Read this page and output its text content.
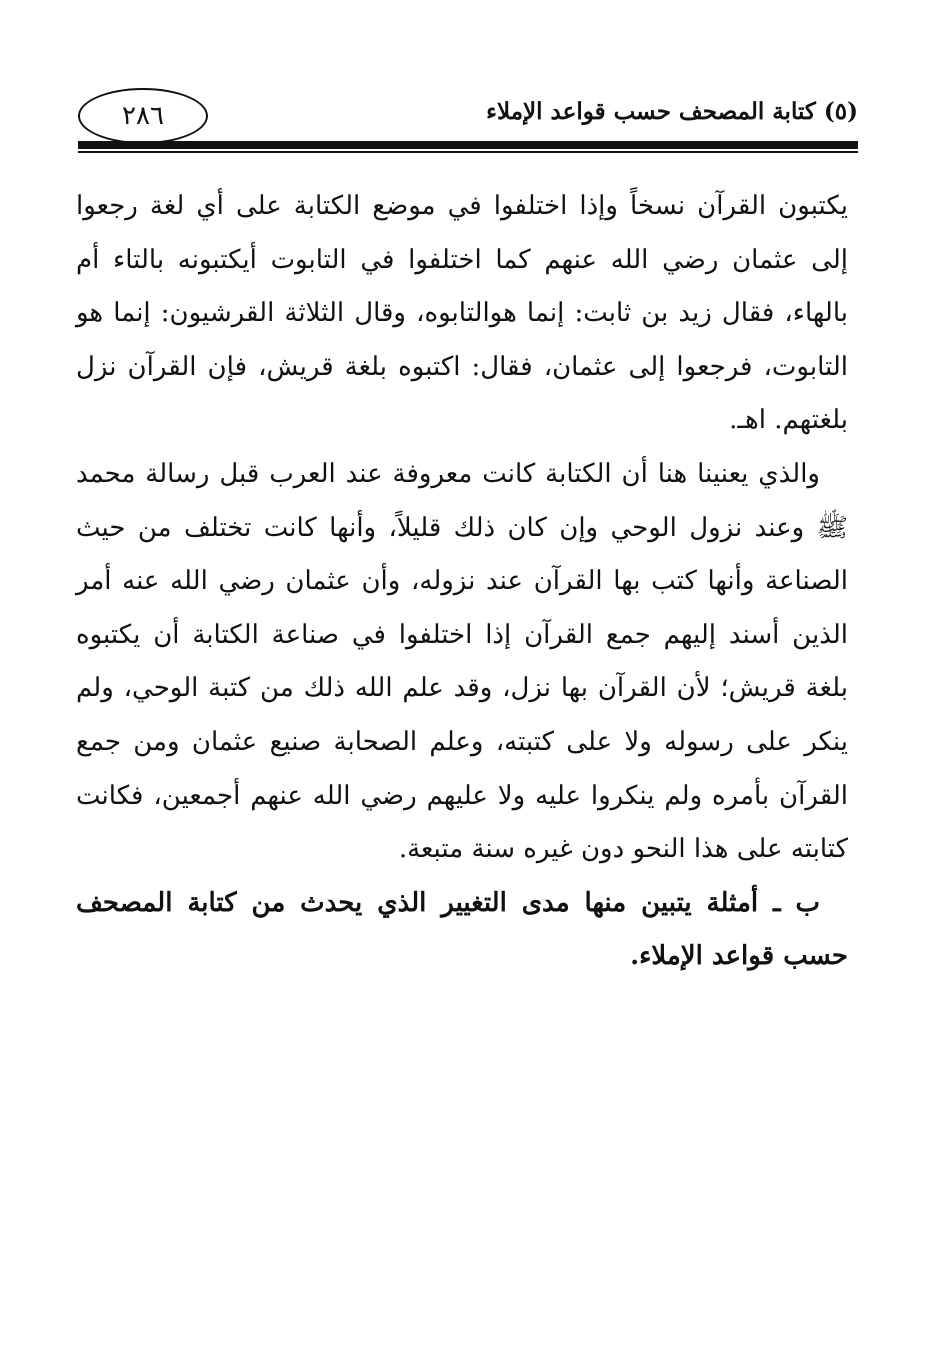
٢٨٦	(٥) كتابة المصحف حسب قواعد الإملاء

يكتبون القرآن نسخاً وإذا اختلفوا في موضع الكتابة على أي لغة رجعوا إلى عثمان رضي الله عنهم كما اختلفوا في التابوت أيكتبونه بالتاء أم بالهاء، فقال زيد بن ثابت: إنما هوالتابوه، وقال الثلاثة القرشيون: إنما هو التابوت، فرجعوا إلى عثمان، فقال: اكتبوه بلغة قريش، فإن القرآن نزل بلغتهم. اهـ.

والذي يعنينا هنا أن الكتابة كانت معروفة عند العرب قبل رسالة محمد ﷺ وعند نزول الوحي وإن كان ذلك قليلاً، وأنها كانت تختلف من حيث الصناعة وأنها كتب بها القرآن عند نزوله، وأن عثمان رضي الله عنه أمر الذين أسند إليهم جمع القرآن إذا اختلفوا في صناعة الكتابة أن يكتبوه بلغة قريش؛ لأن القرآن بها نزل، وقد علم الله ذلك من كتبة الوحي، ولم ينكر على رسوله ولا على كتبته، وعلم الصحابة صنيع عثمان ومن جمع القرآن بأمره ولم ينكروا عليه ولا عليهم رضي الله عنهم أجمعين، فكانت كتابته على هذا النحو دون غيره سنة متبعة.

ب ـ أمثلة يتبين منها مدى التغيير الذي يحدث من كتابة المصحف حسب قواعد الإملاء.
